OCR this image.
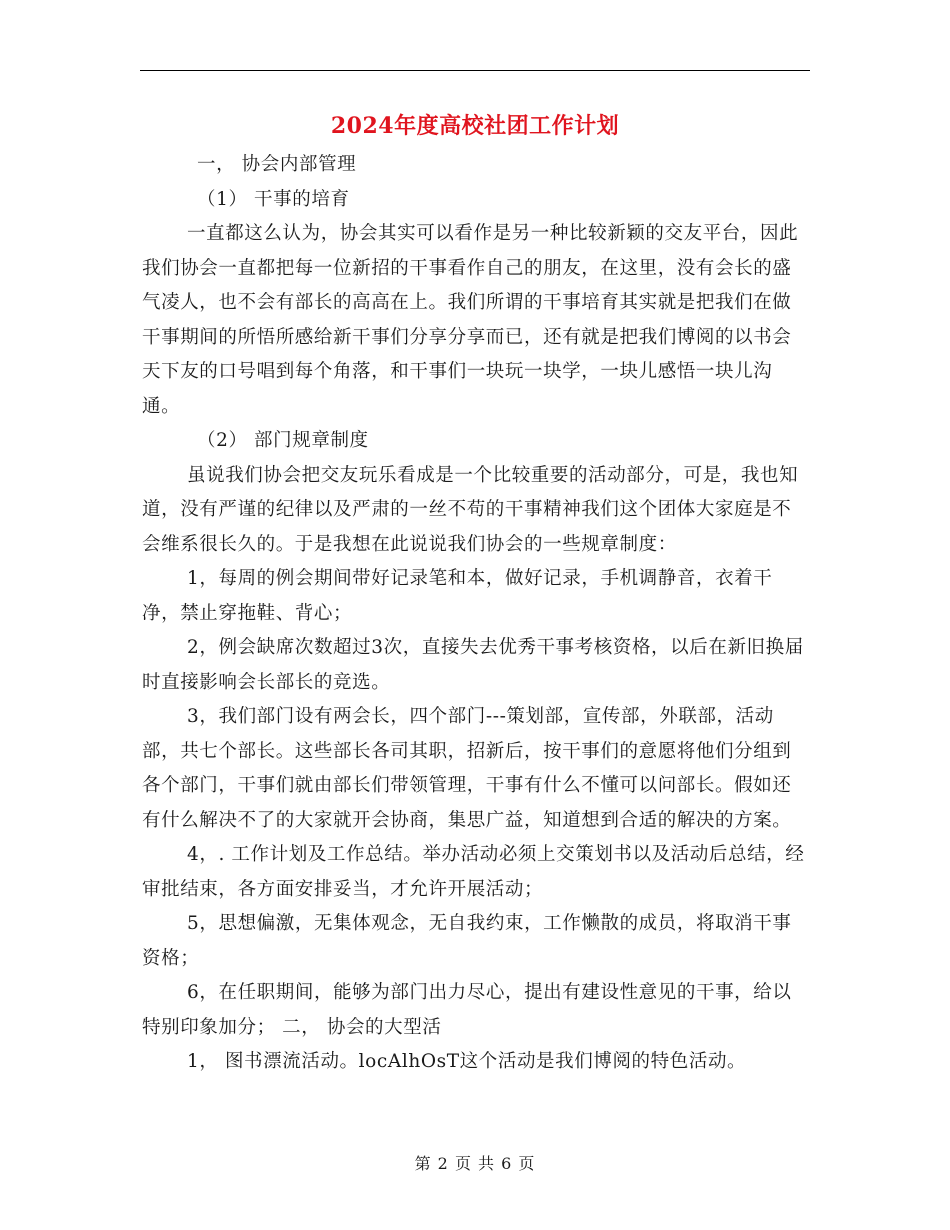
2024年度高校社团工作计划

一， 协会内部管理

（1） 干事的培育

一直都这么认为，协会其实可以看作是另一种比较新颖的交友平台，因此我们协会一直都把每一位新招的干事看作自己的朋友，在这里，没有会长的盛气凌人，也不会有部长的高高在上。我们所谓的干事培育其实就是把我们在做干事期间的所悟所感给新干事们分享分享而已，还有就是把我们博阅的以书会天下友的口号唱到每个角落，和干事们一块玩一块学，一块儿感悟一块儿沟通。

（2） 部门规章制度

虽说我们协会把交友玩乐看成是一个比较重要的活动部分，可是，我也知道，没有严谨的纪律以及严肃的一丝不苟的干事精神我们这个团体大家庭是不会维系很长久的。于是我想在此说说我们协会的一些规章制度：

1，每周的例会期间带好记录笔和本，做好记录，手机调静音，衣着干净，禁止穿拖鞋、背心；

2，例会缺席次数超过3次，直接失去优秀干事考核资格，以后在新旧换届时直接影响会长部长的竞选。

3，我们部门设有两会长，四个部门---策划部，宣传部，外联部，活动部，共七个部长。这些部长各司其职，招新后，按干事们的意愿将他们分组到各个部门，干事们就由部长们带领管理，干事有什么不懂可以问部长。假如还有什么解决不了的大家就开会协商，集思广益，知道想到合适的解决的方案。

4，. 工作计划及工作总结。举办活动必须上交策划书以及活动后总结，经审批结束，各方面安排妥当，才允许开展活动；

5，思想偏激，无集体观念，无自我约束，工作懒散的成员，将取消干事资格；

6，在任职期间，能够为部门出力尽心，提出有建设性意见的干事，给以特别印象加分； 二， 协会的大型活

1， 图书漂流活动。locAlhOsT这个活动是我们博阅的特色活动。

第 2 页 共 6 页
